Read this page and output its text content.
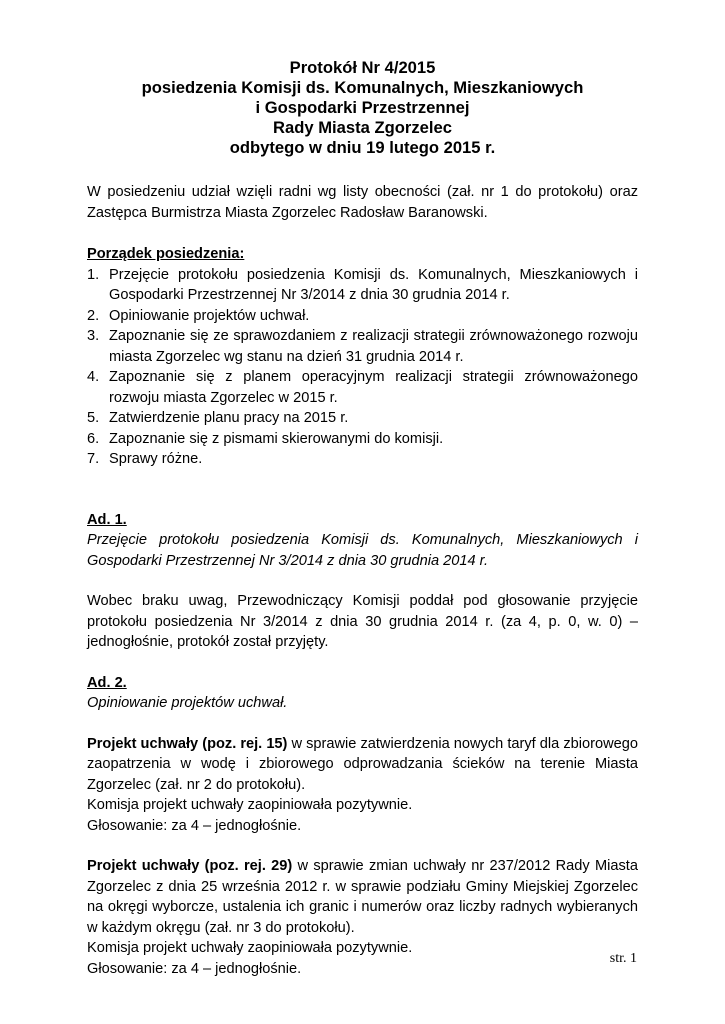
Protokół Nr 4/2015

posiedzenia Komisji ds. Komunalnych, Mieszkaniowych

i Gospodarki Przestrzennej

Rady Miasta Zgorzelec

odbytego w dniu 19 lutego 2015 r.

W posiedzeniu udział wzięli radni wg listy obecności (zał. nr 1 do protokołu) oraz Zastępca Burmistrza Miasta Zgorzelec Radosław Baranowski.

Porządek posiedzenia:

1. Przejęcie protokołu posiedzenia Komisji ds. Komunalnych, Mieszkaniowych i Gospodarki Przestrzennej Nr 3/2014 z dnia 30 grudnia 2014 r.
2. Opiniowanie projektów uchwał.
3. Zapoznanie się ze sprawozdaniem z realizacji strategii zrównoważonego rozwoju miasta Zgorzelec wg stanu na dzień 31 grudnia 2014 r.
4. Zapoznanie się z planem operacyjnym realizacji strategii zrównoważonego rozwoju miasta Zgorzelec w 2015 r.
5. Zatwierdzenie planu pracy na 2015 r.
6. Zapoznanie się z pismami skierowanymi do komisji.
7. Sprawy różne.

Ad. 1.

Przejęcie protokołu posiedzenia Komisji ds. Komunalnych, Mieszkaniowych i Gospodarki Przestrzennej Nr 3/2014 z dnia 30 grudnia 2014 r.

Wobec braku uwag, Przewodniczący Komisji poddał pod głosowanie przyjęcie protokołu posiedzenia Nr 3/2014 z dnia 30 grudnia 2014 r. (za 4, p. 0, w. 0) – jednogłośnie, protokół został przyjęty.

Ad. 2.

Opiniowanie projektów uchwał.

Projekt uchwały (poz. rej. 15) w sprawie zatwierdzenia nowych taryf dla zbiorowego zaopatrzenia w wodę i zbiorowego odprowadzania ścieków na terenie Miasta Zgorzelec (zał. nr 2 do protokołu).

Komisja projekt uchwały zaopiniowała pozytywnie.

Głosowanie: za 4 – jednogłośnie.

Projekt uchwały (poz. rej. 29) w sprawie zmian uchwały nr 237/2012 Rady Miasta Zgorzelec z dnia 25 września 2012 r. w sprawie podziału Gminy Miejskiej Zgorzelec na okręgi wyborcze, ustalenia ich granic i numerów oraz liczby radnych wybieranych w każdym okręgu (zał. nr 3 do protokołu).

Komisja projekt uchwały zaopiniowała pozytywnie.

Głosowanie: za 4 – jednogłośnie.

str. 1
